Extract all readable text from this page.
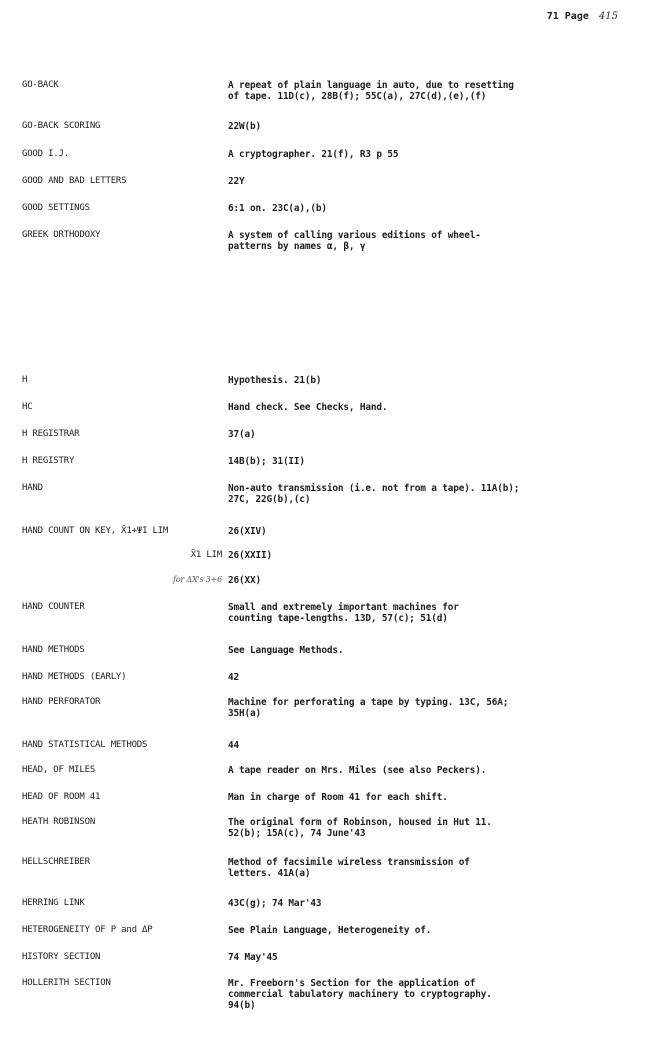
71 Page 415
GO-BACK	A repeat of plain language in auto, due to resetting
of tape. 11D(c), 28B(f); 55C(a), 27C(d),(e),(f)
GO-BACK SCORING	22W(b)
GOOD I.J.	A cryptographer. 21(f), R3 p 55
GOOD AND BAD LETTERS	22Y
GOOD SETTINGS	6:1 on. 23C(a),(b)
GREEK ORTHODOXY	A system of calling various editions of wheel-
patterns by names α, β, γ
H	Hypothesis. 21(b)
HC	Hand check. See Checks, Hand.
H REGISTRAR	37(a)
H REGISTRY	14B(b); 31(II)
HAND	Non-auto transmission (i.e. not from a tape). 11A(b);
27C, 22G(b),(c)
HAND COUNT ON KEY, X̄1+Ψ̄1 LIM	26(XIV)
X̄1 LIM 26(XXII)
for ΔX's 3+6 26(XX)
HAND COUNTER	Small and extremely important machines for
counting tape-lengths. 13D, 57(c); 51(d)
HAND METHODS	See Language Methods.
HAND METHODS (EARLY)	42
HAND PERFORATOR	Machine for perforating a tape by typing. 13C, 56A;
35H(a)
HAND STATISTICAL METHODS	44
HEAD, OF MILES	A tape reader on Mrs. Miles (see also Peckers).
HEAD OF ROOM 41	Man in charge of Room 41 for each shift.
HEATH ROBINSON	The original form of Robinson, housed in Hut 11.
52(b); 15A(c), 74 June'43
HELLSCHREIBER	Method of facsimile wireless transmission of
letters. 41A(a)
HERRING LINK	43C(g); 74 Mar'43
HETEROGENEITY OF P and ΔP	See Plain Language, Heterogeneity of.
HISTORY SECTION	74 May'45
HOLLERITH SECTION	Mr. Freeborn's Section for the application of
commercial tabulatory machinery to cryptography.
94(b)
